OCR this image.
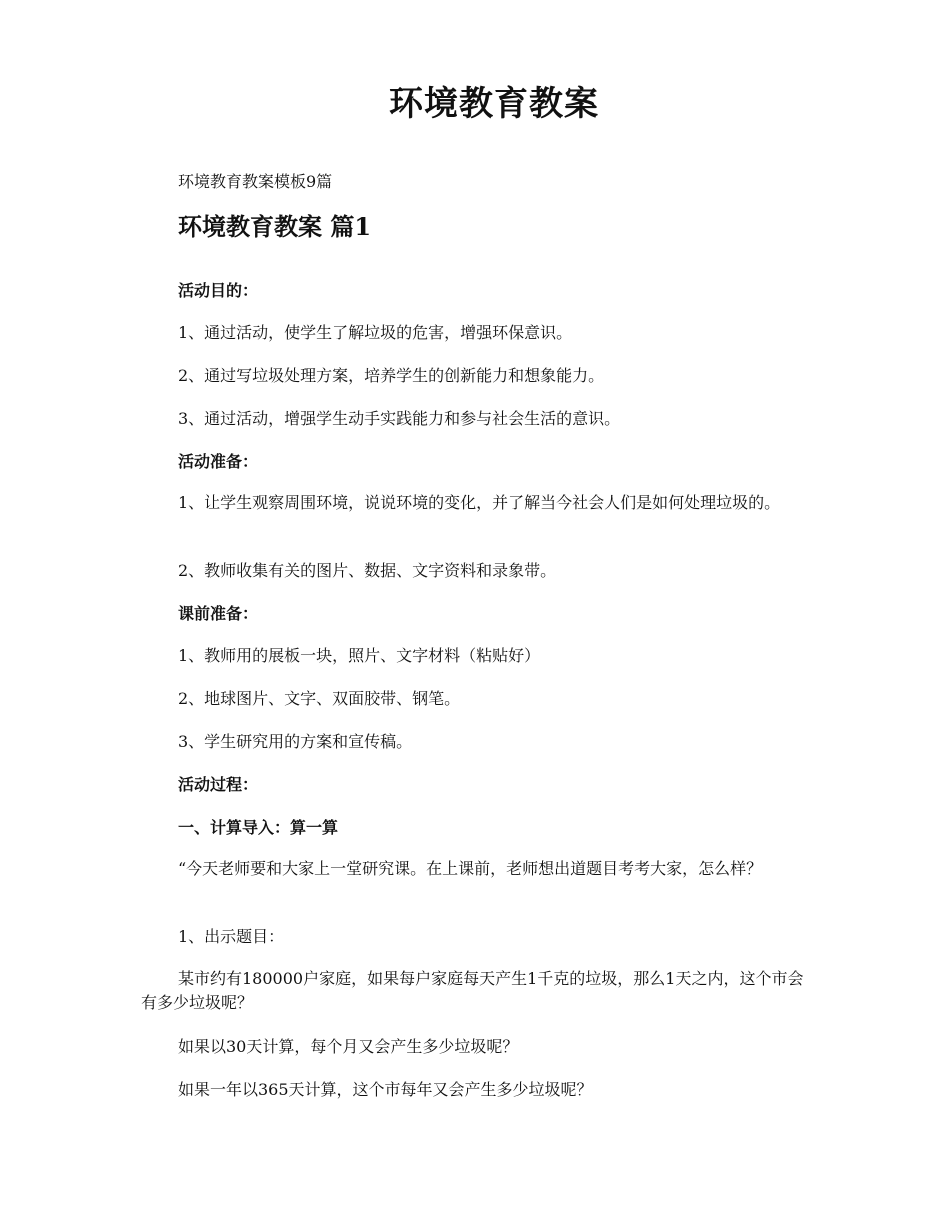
环境教育教案

环境教育教案模板9篇

环境教育教案 篇1

活动目的：

1、通过活动，使学生了解垃圾的危害，增强环保意识。

2、通过写垃圾处理方案，培养学生的创新能力和想象能力。

3、通过活动，增强学生动手实践能力和参与社会生活的意识。

活动准备：

1、让学生观察周围环境，说说环境的变化，并了解当今社会人们是如何处理垃圾的。

2、教师收集有关的图片、数据、文字资料和录象带。

课前准备：

1、教师用的展板一块，照片、文字材料（粘贴好）

2、地球图片、文字、双面胶带、钢笔。

3、学生研究用的方案和宣传稿。

活动过程：

一、计算导入：算一算

“今天老师要和大家上一堂研究课。在上课前，老师想出道题目考考大家，怎么样？

1、出示题目：

某市约有180000户家庭，如果每户家庭每天产生1千克的垃圾，那么1天之内，这个市会有多少垃圾呢？

如果以30天计算，每个月又会产生多少垃圾呢？

如果一年以365天计算，这个市每年又会产生多少垃圾呢？
